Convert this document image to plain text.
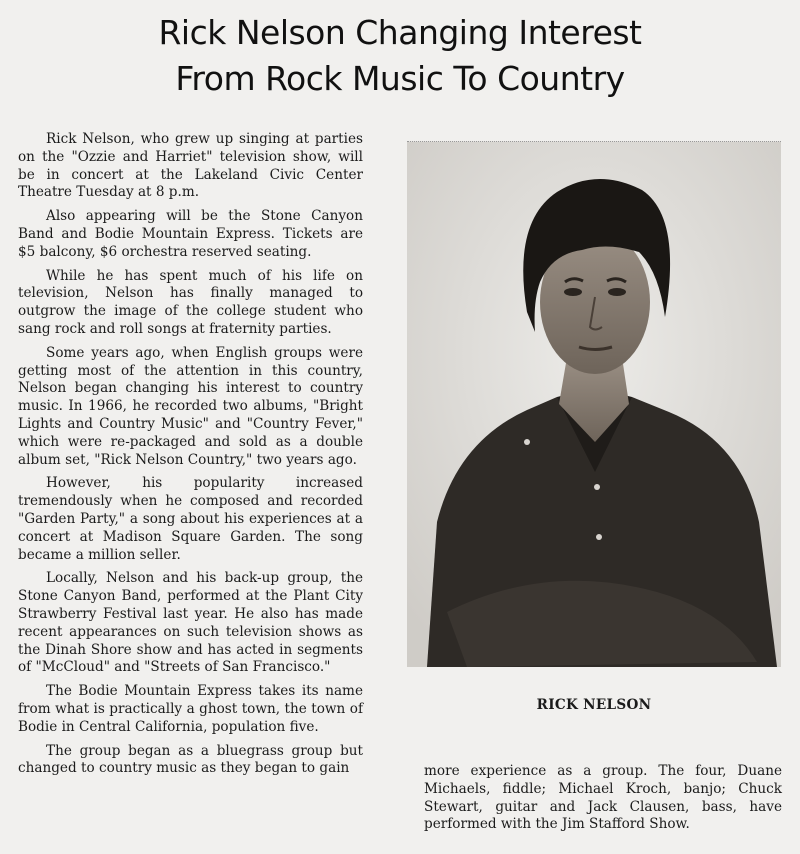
Rick Nelson Changing Interest
From Rock Music To Country

Rick Nelson, who grew up singing at parties on the "Ozzie and Harriet" television show, will be in concert at the Lakeland Civic Center Theatre Tuesday at 8 p.m.

Also appearing will be the Stone Canyon Band and Bodie Mountain Express. Tickets are $5 balcony, $6 orchestra reserved seating.

While he has spent much of his life on television, Nelson has finally managed to outgrow the image of the college student who sang rock and roll songs at fraternity parties.

Some years ago, when English groups were getting most of the attention in this country, Nelson began changing his interest to country music. In 1966, he recorded two albums, "Bright Lights and Country Music" and "Country Fever," which were re-packaged and sold as a double album set, "Rick Nelson Country," two years ago.

However, his popularity increased tremendously when he composed and recorded "Garden Party," a song about his experiences at a concert at Madison Square Garden. The song became a million seller.

Locally, Nelson and his back-up group, the Stone Canyon Band, performed at the Plant City Strawberry Festival last year. He also has made recent appearances on such television shows as the Dinah Shore show and has acted in segments of "McCloud" and "Streets of San Francisco."

The Bodie Mountain Express takes its name from what is practically a ghost town, the town of Bodie in Central California, population five.

The group began as a bluegrass group but changed to country music as they began to gain

RICK NELSON

more experience as a group. The four, Duane Michaels, fiddle; Michael Kroch, banjo; Chuck Stewart, guitar and Jack Clausen, bass, have performed with the Jim Stafford Show.
